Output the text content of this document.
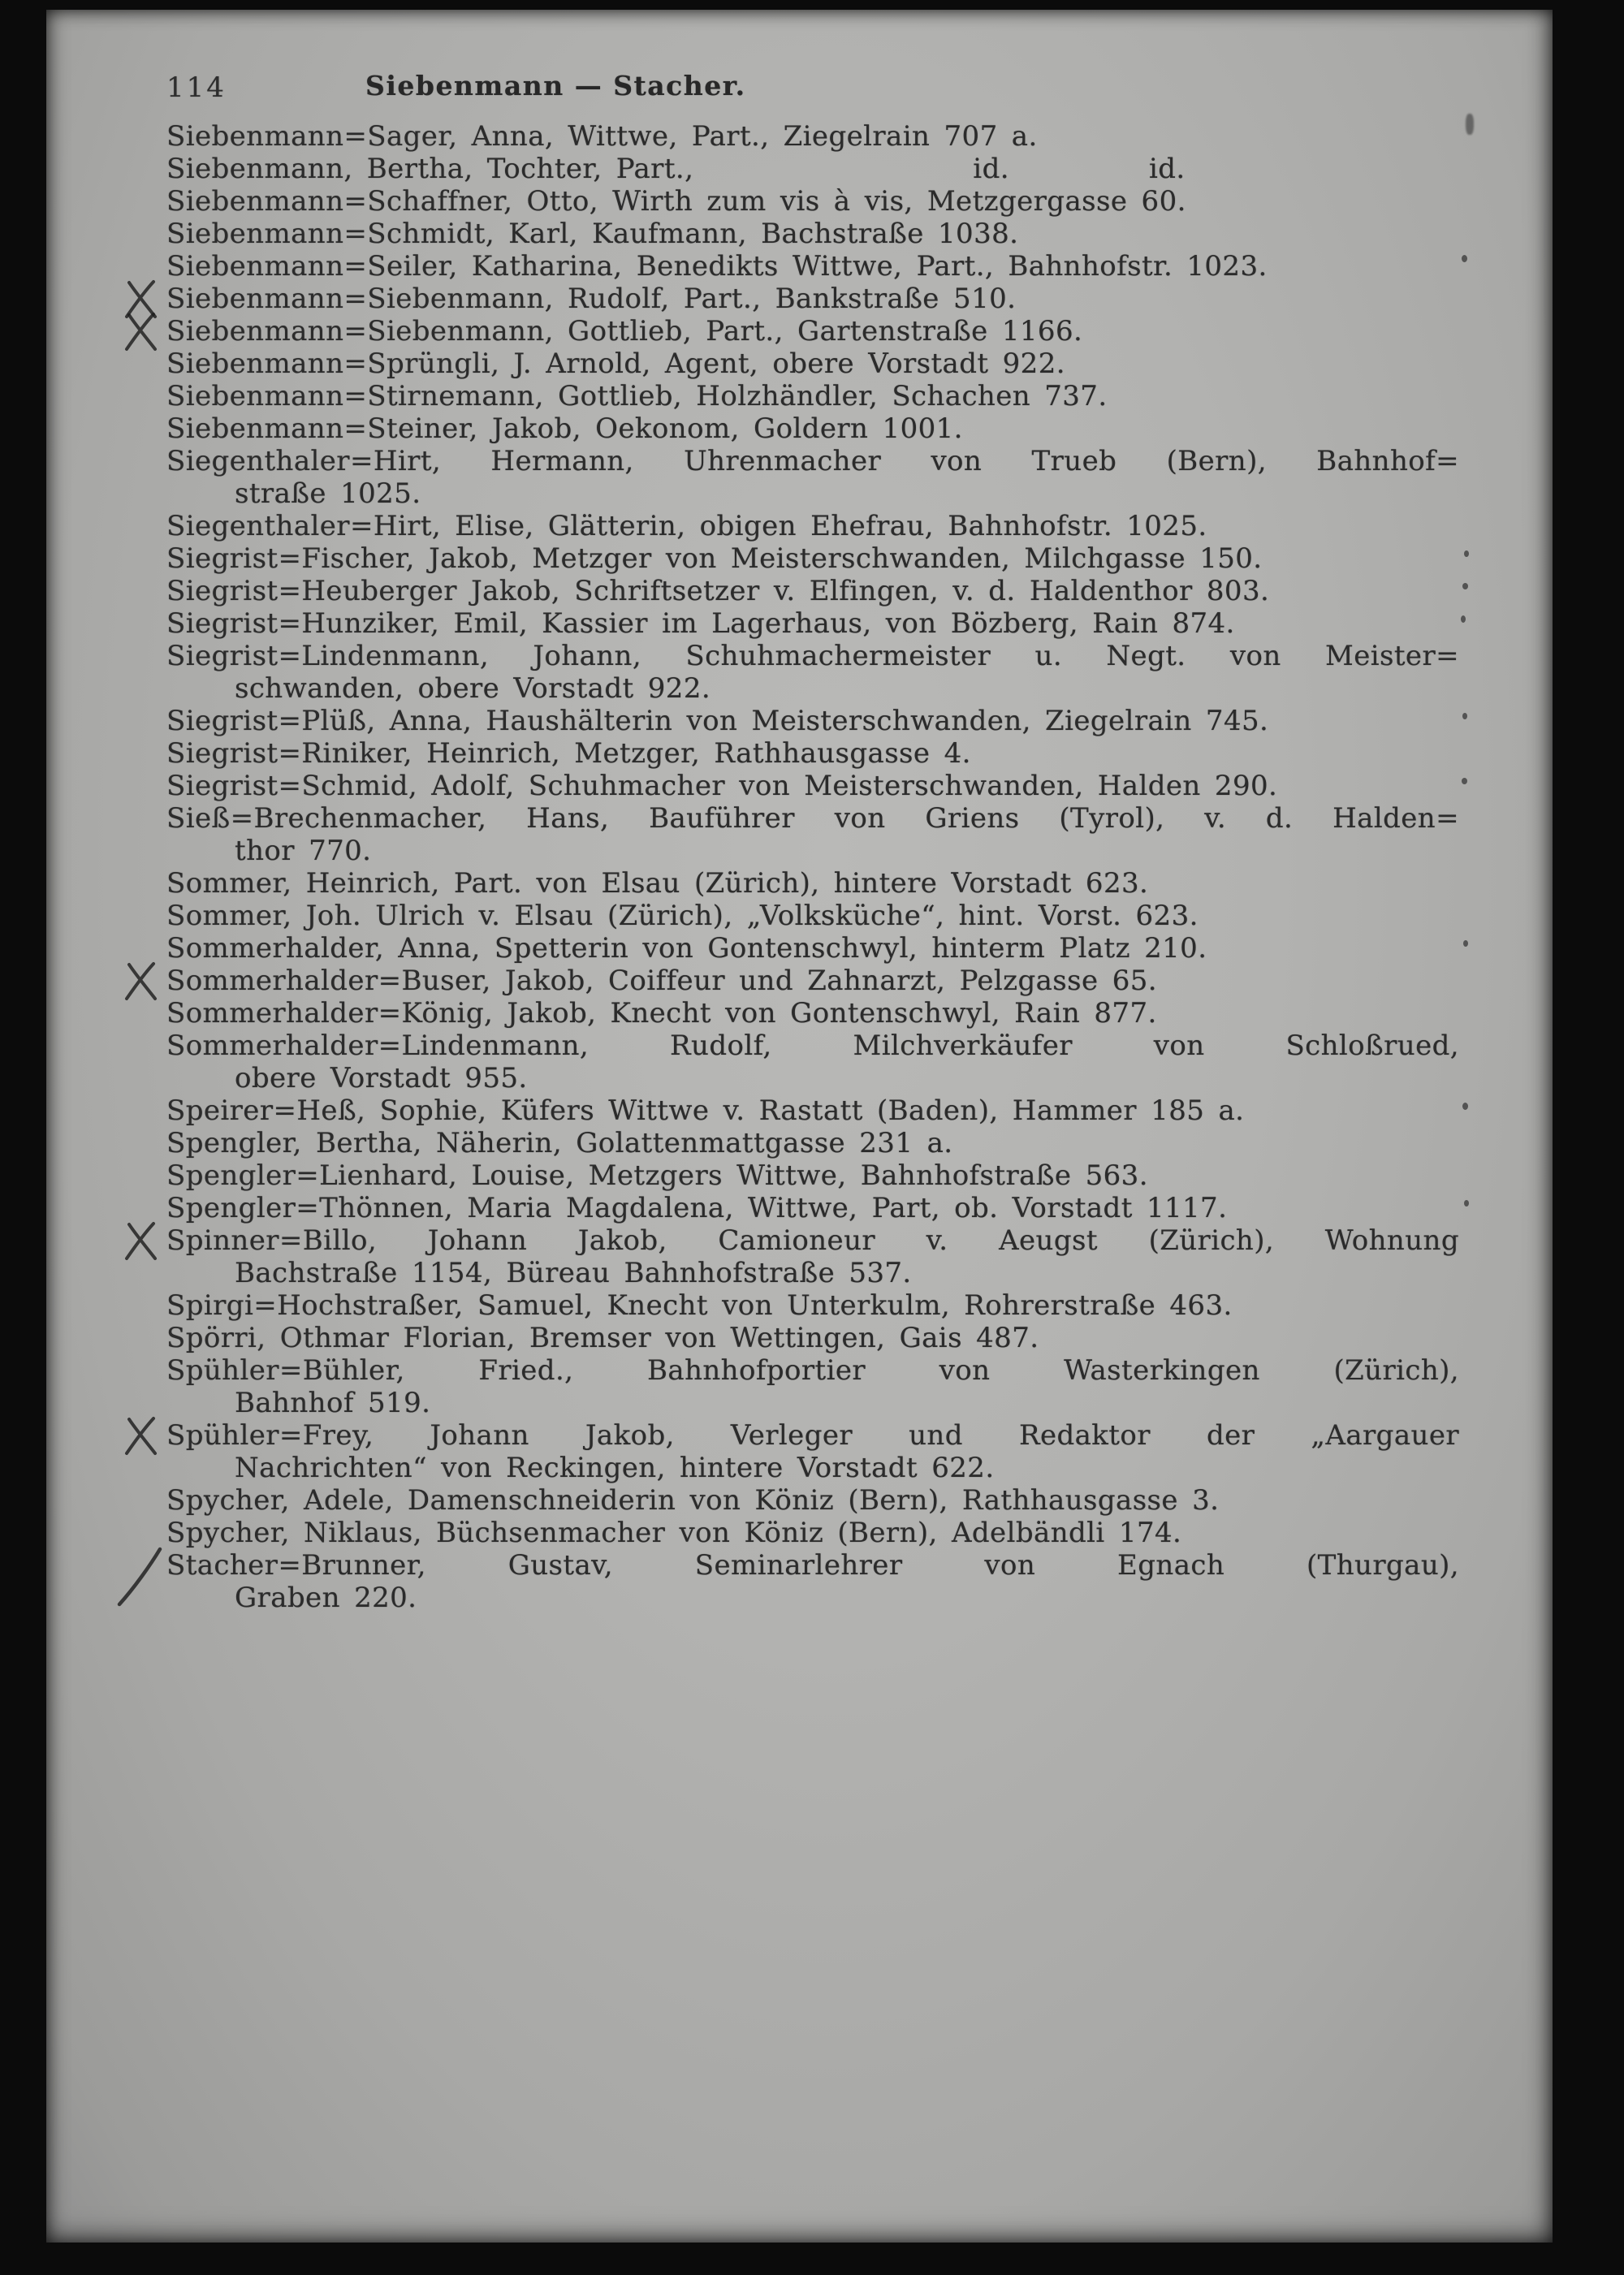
114	Siebenmann — Stacher.
Siebenmann=Sager, Anna, Wittwe, Part., Ziegelrain 707 a.
Siebenmann, Bertha, Tochter, Part.,          id.     id.
Siebenmann=Schaffner, Otto, Wirth zum vis à vis, Metzgergasse 60.
Siebenmann=Schmidt, Karl, Kaufmann, Bachstraße 1038.
Siebenmann=Seiler, Katharina, Benedikts Wittwe, Part., Bahnhofstr. 1023.
Siebenmann=Siebenmann, Rudolf, Part., Bankstraße 510.
Siebenmann=Siebenmann, Gottlieb, Part., Gartenstraße 1166.
Siebenmann=Sprüngli, J. Arnold, Agent, obere Vorstadt 922.
Siebenmann=Stirnemann, Gottlieb, Holzhändler, Schachen 737.
Siebenmann=Steiner, Jakob, Oekonom, Goldern 1001.
Siegenthaler=Hirt, Hermann, Uhrenmacher von Trueb (Bern), Bahnhof=
straße 1025.
Siegenthaler=Hirt, Elise, Glätterin, obigen Ehefrau, Bahnhofstr. 1025.
Siegrist=Fischer, Jakob, Metzger von Meisterschwanden, Milchgasse 150.
Siegrist=Heuberger Jakob, Schriftsetzer v. Elfingen, v. d. Haldenthor 803.
Siegrist=Hunziker, Emil, Kassier im Lagerhaus, von Bözberg, Rain 874.
Siegrist=Lindenmann, Johann, Schuhmachermeister u. Negt. von Meister=
schwanden, obere Vorstadt 922.
Siegrist=Plüß, Anna, Haushälterin von Meisterschwanden, Ziegelrain 745.
Siegrist=Riniker, Heinrich, Metzger, Rathhausgasse 4.
Siegrist=Schmid, Adolf, Schuhmacher von Meisterschwanden, Halden 290.
Sieß=Brechenmacher, Hans, Bauführer von Griens (Tyrol), v. d. Halden=
thor 770.
Sommer, Heinrich, Part. von Elsau (Zürich), hintere Vorstadt 623.
Sommer, Joh. Ulrich v. Elsau (Zürich), „Volksküche“, hint. Vorst. 623.
Sommerhalder, Anna, Spetterin von Gontenschwyl, hinterm Platz 210.
Sommerhalder=Buser, Jakob, Coiffeur und Zahnarzt, Pelzgasse 65.
Sommerhalder=König, Jakob, Knecht von Gontenschwyl, Rain 877.
Sommerhalder=Lindenmann, Rudolf, Milchverkäufer von Schloßrued,
obere Vorstadt 955.
Speirer=Heß, Sophie, Küfers Wittwe v. Rastatt (Baden), Hammer 185 a.
Spengler, Bertha, Näherin, Golattenmattgasse 231 a.
Spengler=Lienhard, Louise, Metzgers Wittwe, Bahnhofstraße 563.
Spengler=Thönnen, Maria Magdalena, Wittwe, Part, ob. Vorstadt 1117.
Spinner=Billo, Johann Jakob, Camioneur v. Aeugst (Zürich), Wohnung
Bachstraße 1154, Büreau Bahnhofstraße 537.
Spirgi=Hochstraßer, Samuel, Knecht von Unterkulm, Rohrerstraße 463.
Spörri, Othmar Florian, Bremser von Wettingen, Gais 487.
Spühler=Bühler, Fried., Bahnhofportier von Wasterkingen (Zürich),
Bahnhof 519.
Spühler=Frey, Johann Jakob, Verleger und Redaktor der „Aargauer
Nachrichten“ von Reckingen, hintere Vorstadt 622.
Spycher, Adele, Damenschneiderin von Köniz (Bern), Rathhausgasse 3.
Spycher, Niklaus, Büchsenmacher von Köniz (Bern), Adelbändli 174.
Stacher=Brunner, Gustav, Seminarlehrer von Egnach (Thurgau),
Graben 220.
